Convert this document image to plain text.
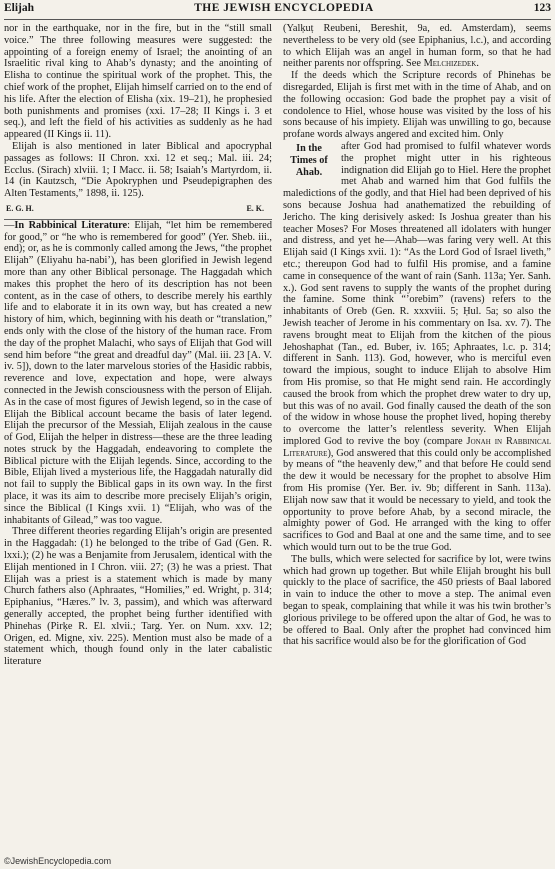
Elijah	THE JEWISH ENCYCLOPEDIA	123

nor in the earthquake, nor in the fire, but in the “still small voice.” The three following measures were suggested: the appointing of a foreign enemy of Israel; the anointing of an Israelitic rival king to Ahab’s dynasty; and the anointing of Elisha to continue the spiritual work of the prophet. This, the chief work of the prophet, Elijah himself carried on to the end of his life. After the election of Elisha (xix. 19–21), he prophesied both punishments and promises (xxi. 17–28; II Kings i. 3 et seq.), and left the field of his activities as suddenly as he had appeared (II Kings ii. 11).

Elijah is also mentioned in later Biblical and apocryphal passages as follows: II Chron. xxi. 12 et seq.; Mal. iii. 24; Ecclus. (Sirach) xlviii. 1; I Macc. ii. 58; Isaiah’s Martyrdom, ii. 14 (in Kautzsch, “Die Apokryphen und Pseudepigraphen des Alten Testaments,” 1898, ii. 125).

E. G. H.	E. K.

—In Rabbinical Literature: Elijah, “let him be remembered for good,” or “he who is remembered for good” (Yer. Sheb. iii., end); or, as he is commonly called among the Jews, “the prophet Elijah” (Eliyahu ha-nabi’), has been glorified in Jewish legend more than any other Biblical personage. The Haggadah which makes this prophet the hero of its description has not been content, as in the case of others, to describe merely his earthly life and to elaborate it in its own way, but has created a new history of him, which, beginning with his death or “translation,” ends only with the close of the history of the human race. From the day of the prophet Malachi, who says of Elijah that God will send him before “the great and dreadful day” (Mal. iii. 23 [A. V. iv. 5]), down to the later marvelous stories of the Ḥasidic rabbis, reverence and love, expectation and hope, were always connected in the Jewish consciousness with the person of Elijah. As in the case of most figures of Jewish legend, so in the case of Elijah the Biblical account became the basis of later legend. Elijah the precursor of the Messiah, Elijah zealous in the cause of God, Elijah the helper in distress—these are the three leading notes struck by the Haggadah, endeavoring to complete the Biblical picture with the Elijah legends. Since, according to the Bible, Elijah lived a mysterious life, the Haggadah naturally did not fail to supply the Biblical gaps in its own way. In the first place, it was its aim to describe more precisely Elijah’s origin, since the Biblical (I Kings xvii. 1) “Elijah, who was of the inhabitants of Gilead,” was too vague.

Three different theories regarding Elijah’s origin are presented in the Haggadah: (1) he belonged to the tribe of Gad (Gen. R. lxxi.); (2) he was a Benjamite from Jerusalem, identical with the Elijah mentioned in I Chron. viii. 27; (3) he was a priest. That Elijah was a priest is a statement which is made by many Church fathers also (Aphraates, “Homilies,” ed. Wright, p. 314; Epiphanius, “Hæres.” lv. 3, passim), and which was afterward generally accepted, the prophet being further identified with Phinehas (Pirḳe R. El. xlvii.; Targ. Yer. on Num. xxv. 12; Origen, ed. Migne, xiv. 225). Mention must also be made of a statement which, though found only in the later cabalistic literature

(Yalḳuṭ Reubeni, Bereshit, 9a, ed. Amsterdam), seems nevertheless to be very old (see Epiphanius, l.c.), and according to which Elijah was an angel in human form, so that he had neither parents nor offspring. See Melchizedek.

If the deeds which the Scripture records of Phinehas be disregarded, Elijah is first met with in the time of Ahab, and on the following occasion: God bade the prophet pay a visit of condolence to Hiel, whose house was visited by the loss of his sons because of his impiety. Elijah was unwilling to go, because profane words always angered and excited him. Only

In the Times of Ahab.

after God had promised to fulfil whatever words the prophet might utter in his righteous indignation did Elijah go to Hiel. Here the prophet met Ahab and warned him that God fulfils the maledictions of the godly, and that Hiel had been deprived of his sons because Joshua had anathematized the rebuilding of Jericho. The king derisively asked: Is Joshua greater than his teacher Moses? For Moses threatened all idolaters with hunger and distress, and yet he—Ahab—was faring very well. At this Elijah said (I Kings xvii. 1): “As the Lord God of Israel liveth,” etc.; thereupon God had to fulfil His promise, and a famine came in consequence of the want of rain (Sanh. 113a; Yer. Sanh. x.). God sent ravens to supply the wants of the prophet during the famine. Some think “’orebim” (ravens) refers to the inhabitants of Oreb (Gen. R. xxxviii. 5; Ḥul. 5a; so also the Jewish teacher of Jerome in his commentary on Isa. xv. 7). The ravens brought meat to Elijah from the kitchen of the pious Jehoshaphat (Tan., ed. Buber, iv. 165; Aphraates, l.c. p. 314; different in Sanh. 113). God, however, who is merciful even toward the impious, sought to induce Elijah to absolve Him from His promise, so that He might send rain. He accordingly caused the brook from which the prophet drew water to dry up, but this was of no avail. God finally caused the death of the son of the widow in whose house the prophet lived, hoping thereby to overcome the latter’s relentless severity. When Elijah implored God to revive the boy (compare Jonah in Rabbinical Literature), God answered that this could only be accomplished by means of “the heavenly dew,” and that before He could send the dew it would be necessary for the prophet to absolve Him from His promise (Yer. Ber. iv. 9b; different in Sanh. 113a). Elijah now saw that it would be necessary to yield, and took the opportunity to prove before Ahab, by a second miracle, the almighty power of God. He arranged with the king to offer sacrifices to God and Baal at one and the same time, and to see which would turn out to be the true God.

The bulls, which were selected for sacrifice by lot, were twins which had grown up together. But while Elijah brought his bull quickly to the place of sacrifice, the 450 priests of Baal labored in vain to induce the other to move a step. The animal even began to speak, complaining that while it was his twin brother’s glorious privilege to be offered upon the altar of God, he was to be offered to Baal. Only after the prophet had convinced him that his sacrifice would also be for the glorification of God

©JewishEncyclopedia.com
